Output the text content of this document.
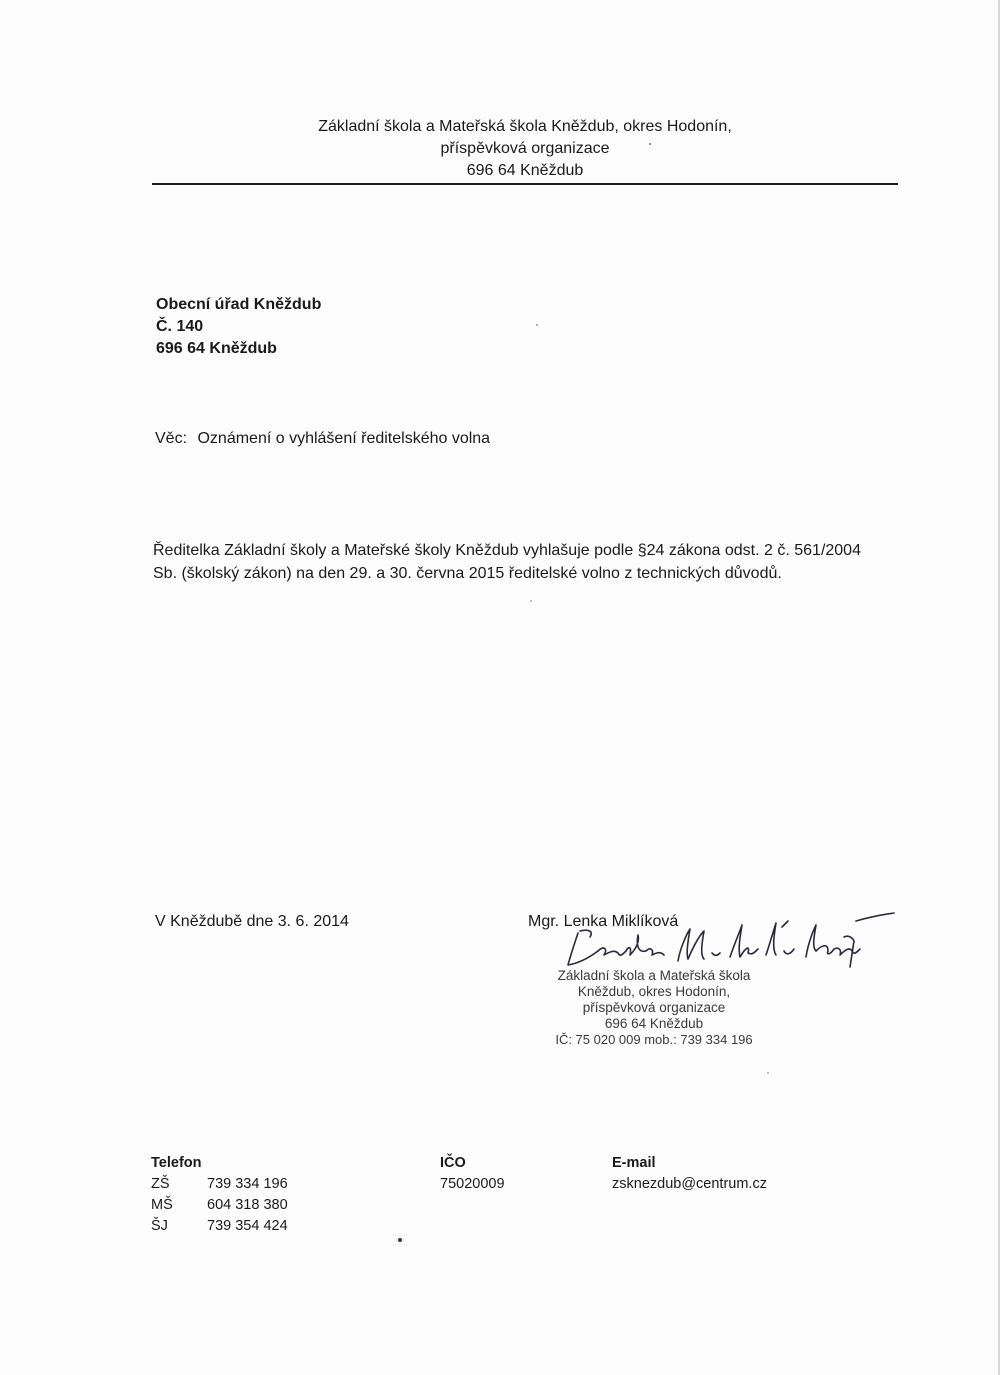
Základní škola a Mateřská škola Kněždub, okres Hodonín,
příspěvková organizace
696 64 Kněždub
Obecní úřad Kněždub
Č. 140
696 64 Kněždub
Věc: Oznámení o vyhlášení ředitelského volna
Ředitelka Základní školy a Mateřské školy Kněždub vyhlašuje podle §24 zákona odst. 2 č. 561/2004
Sb. (školský zákon) na den 29. a 30. června 2015 ředitelské volno z technických důvodů.
V Kněždubě dne 3. 6. 2014	Mgr. Lenka Miklíková
Základní škola a Mateřská škola
Kněždub, okres Hodonín,
příspěvková organizace
696 64 Kněždub
IČ: 75 020 009 mob.: 739 334 196
Telefon
ZŠ	739 334 196
MŠ	604 318 380
ŠJ	739 354 424
IČO
75020009
E-mail
zsknezdub@centrum.cz
